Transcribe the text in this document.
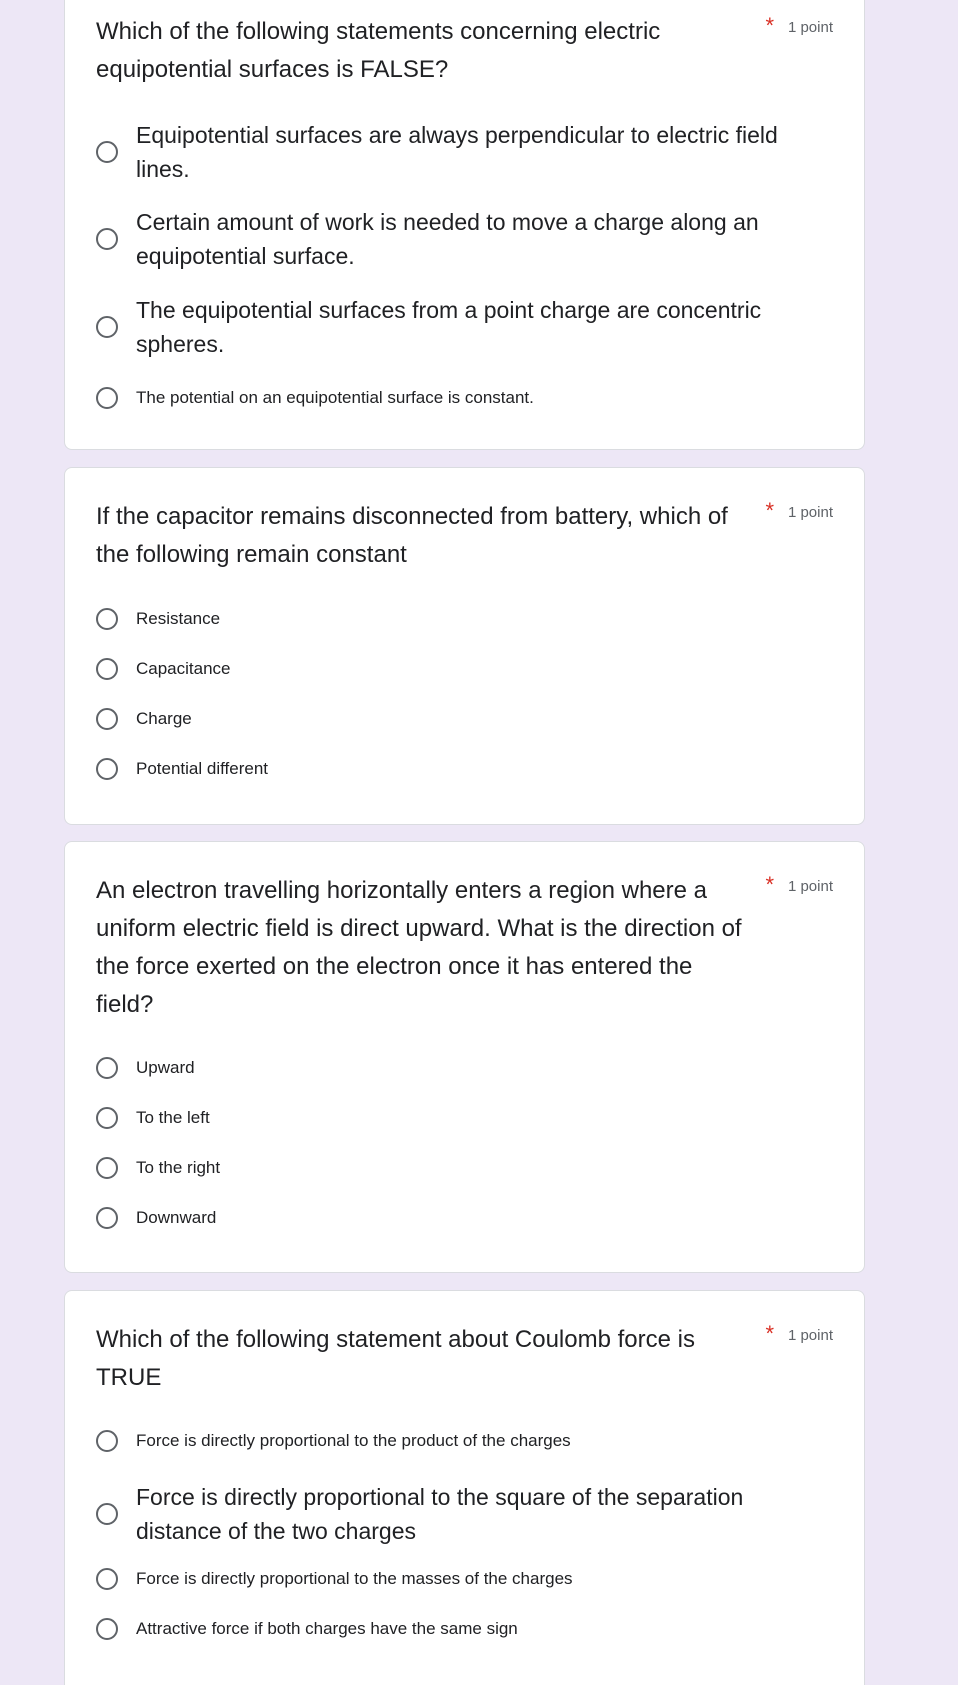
Which of the following statements concerning electric equipotential surfaces is FALSE?
* 1 point
Equipotential surfaces are always perpendicular to electric field lines.
Certain amount of work is needed to move a charge along an equipotential surface.
The equipotential surfaces from a point charge are concentric spheres.
The potential on an equipotential surface is constant.
If the capacitor remains disconnected from battery, which of the following remain constant
* 1 point
Resistance
Capacitance
Charge
Potential different
An electron travelling horizontally enters a region where a uniform electric field is direct upward. What is the direction of the force exerted on the electron once it has entered the field?
* 1 point
Upward
To the left
To the right
Downward
Which of the following statement about Coulomb force is TRUE
* 1 point
Force is directly proportional to the product of the charges
Force is directly proportional to the square of the separation distance of the two charges
Force is directly proportional to the masses of the charges
Attractive force if both charges have the same sign
